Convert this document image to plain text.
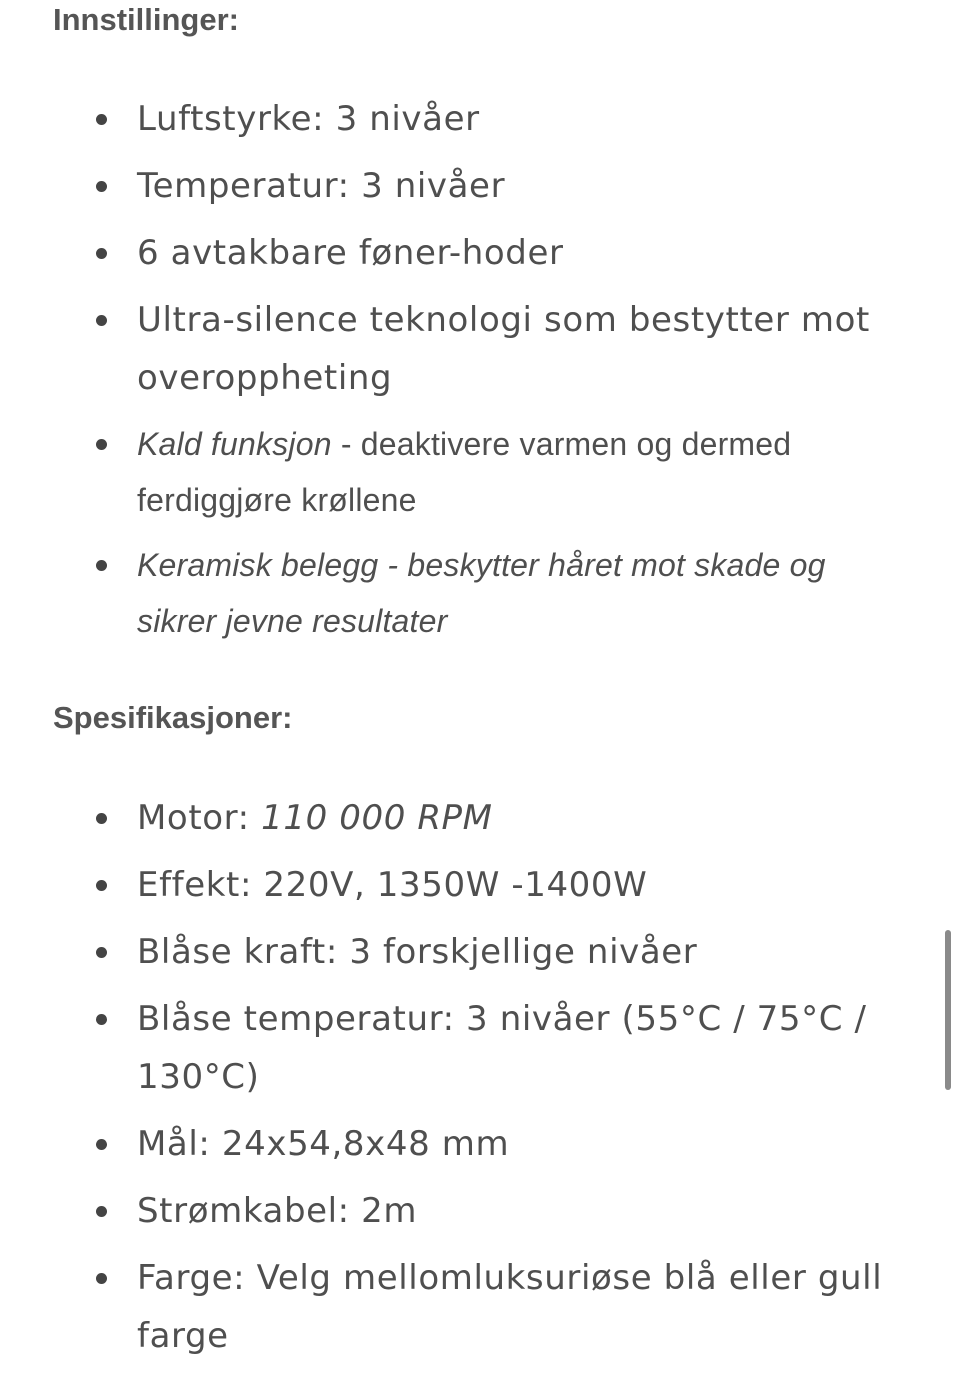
Innstillinger:
Luftstyrke: 3 nivåer
Temperatur: 3 nivåer
6 avtakbare føner-hoder
Ultra-silence teknologi som bestytter mot overoppheting
Kald funksjon - deaktivere varmen og dermed ferdiggjøre krøllene
Keramisk belegg - beskytter håret mot skade og sikrer jevne resultater
Spesifikasjoner:
Motor: 110 000 RPM
Effekt: 220V, 1350W -1400W
Blåse kraft: 3 forskjellige nivåer
Blåse temperatur: 3 nivåer (55°C / 75°C / 130°C)
Mål: 24x54,8x48 mm
Strømkabel: 2m
Farge: Velg mellomluksuriøse blå eller gull farge
